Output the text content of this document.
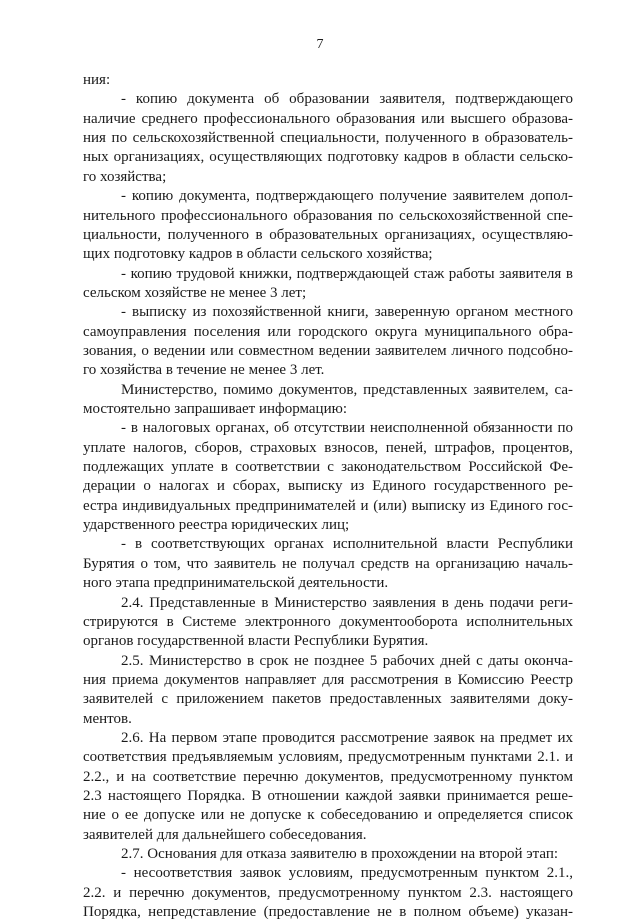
7
ния:
- копию документа об образовании заявителя, подтверждающего
наличие среднего профессионального образования или высшего образова-
ния по сельскохозяйственной специальности, полученного в образователь-
ных организациях, осуществляющих подготовку кадров в области сельско-
го хозяйства;
- копию документа, подтверждающего получение заявителем допол-
нительного профессионального образования по сельскохозяйственной спе-
циальности, полученного в образовательных организациях, осуществляю-
щих подготовку кадров в области сельского хозяйства;
- копию трудовой книжки, подтверждающей стаж работы заявителя в
сельском хозяйстве не менее 3 лет;
- выписку из похозяйственной книги, заверенную органом местного
самоуправления поселения или городского округа муниципального обра-
зования, о ведении или совместном ведении заявителем личного подсобно-
го хозяйства в течение не менее 3 лет.
Министерство, помимо документов, представленных заявителем, са-
мостоятельно запрашивает информацию:
- в налоговых органах, об отсутствии неисполненной обязанности по
уплате налогов, сборов, страховых взносов, пеней, штрафов, процентов,
подлежащих уплате в соответствии с законодательством Российской Фе-
дерации о налогах и сборах, выписку из Единого государственного ре-
естра индивидуальных предпринимателей и (или) выписку из Единого гос-
ударственного реестра юридических лиц;
- в соответствующих органах исполнительной власти Республики
Бурятия о том, что заявитель не получал средств на организацию началь-
ного этапа предпринимательской деятельности.
2.4. Представленные в Министерство заявления в день подачи реги-
стрируются в Системе электронного документооборота исполнительных
органов государственной власти Республики Бурятия.
2.5. Министерство в срок не позднее 5 рабочих дней с даты оконча-
ния приема документов направляет для рассмотрения в Комиссию Реестр
заявителей с приложением пакетов предоставленных заявителями доку-
ментов.
2.6. На первом этапе проводится рассмотрение заявок на предмет их
соответствия предъявляемым условиям, предусмотренным пунктами 2.1. и
2.2., и на соответствие перечню документов, предусмотренному пунктом
2.3 настоящего Порядка. В отношении каждой заявки принимается реше-
ние о ее допуске или не допуске к собеседованию и определяется список
заявителей для дальнейшего собеседования.
2.7. Основания для отказа заявителю в прохождении на второй этап:
- несоответствия заявок условиям, предусмотренным пунктом 2.1.,
2.2. и перечню документов, предусмотренному пунктом 2.3. настоящего
Порядка, непредставление (предоставление не в полном объеме) указан-
